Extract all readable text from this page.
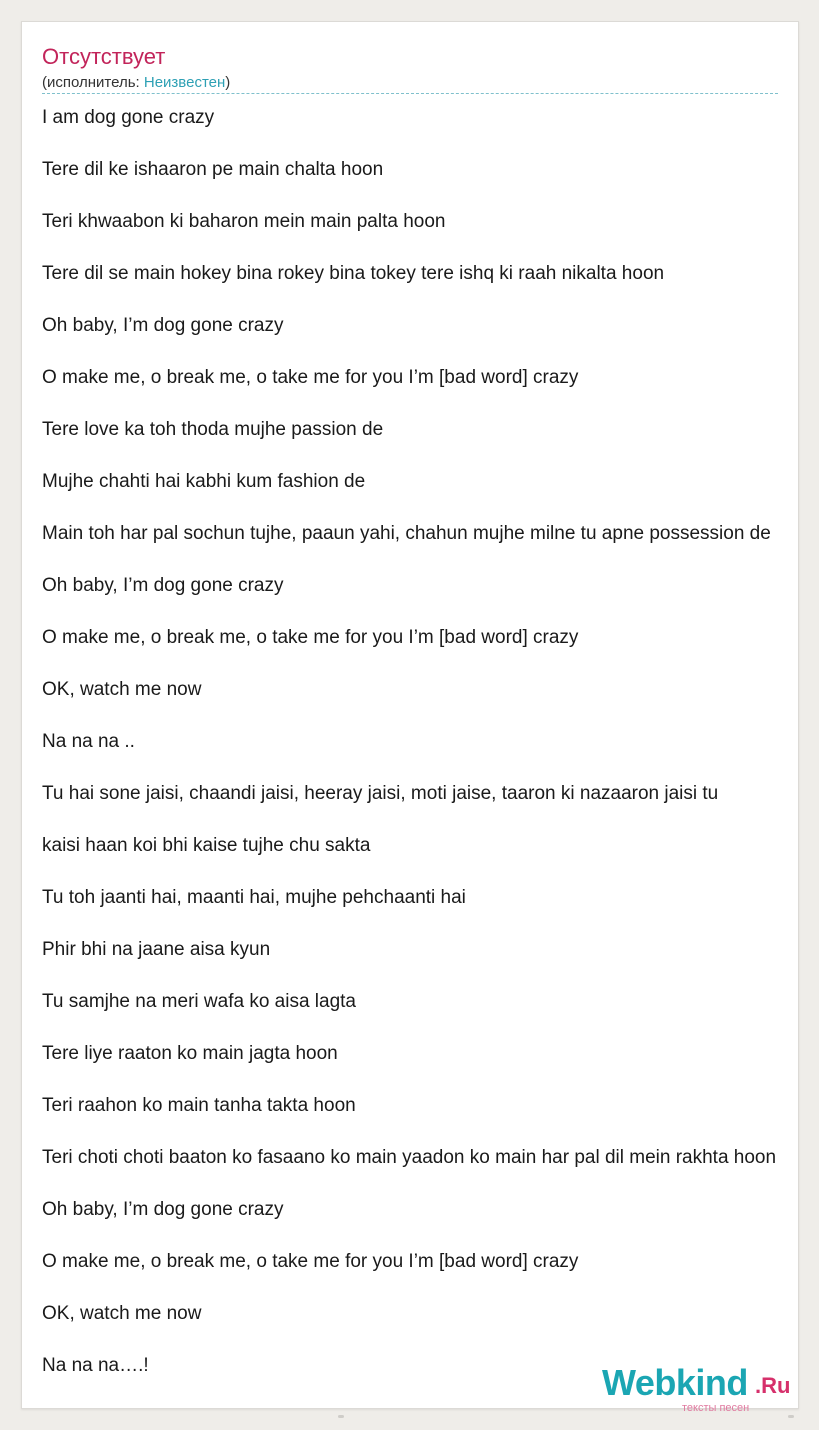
Отсутствует
(исполнитель: Неизвестен)
I am dog gone crazy
Tere dil ke ishaaron pe main chalta hoon
Teri khwaabon ki baharon mein main palta hoon
Tere dil se main hokey bina rokey bina tokey tere ishq ki raah nikalta hoon
Oh baby, I’m dog gone crazy
O make me, o break me, o take me for you I’m [bad word] crazy
Tere love ka toh thoda mujhe passion de
Mujhe chahti hai kabhi kum fashion de
Main toh har pal sochun tujhe, paaun yahi, chahun mujhe milne tu apne possession de
Oh baby, I’m dog gone crazy
O make me, o break me, o take me for you I’m [bad word] crazy
OK, watch me now
Na na na ..
Tu hai sone jaisi, chaandi jaisi, heeray jaisi, moti jaise, taaron ki nazaaron jaisi tu
kaisi haan koi bhi kaise tujhe chu sakta
Tu toh jaanti hai, maanti hai, mujhe pehchaanti hai
Phir bhi na jaane aisa kyun
Tu samjhe na meri wafa ko aisa lagta
Tere liye raaton ko main jagta hoon
Teri raahon ko main tanha takta hoon
Teri choti choti baaton ko fasaano ko main yaadon ko main har pal dil mein rakhta hoon
Oh baby, I’m dog gone crazy
O make me, o break me, o take me for you I’m [bad word] crazy
OK, watch me now
Na na na….!	Webkind .Ru
тексты песен
